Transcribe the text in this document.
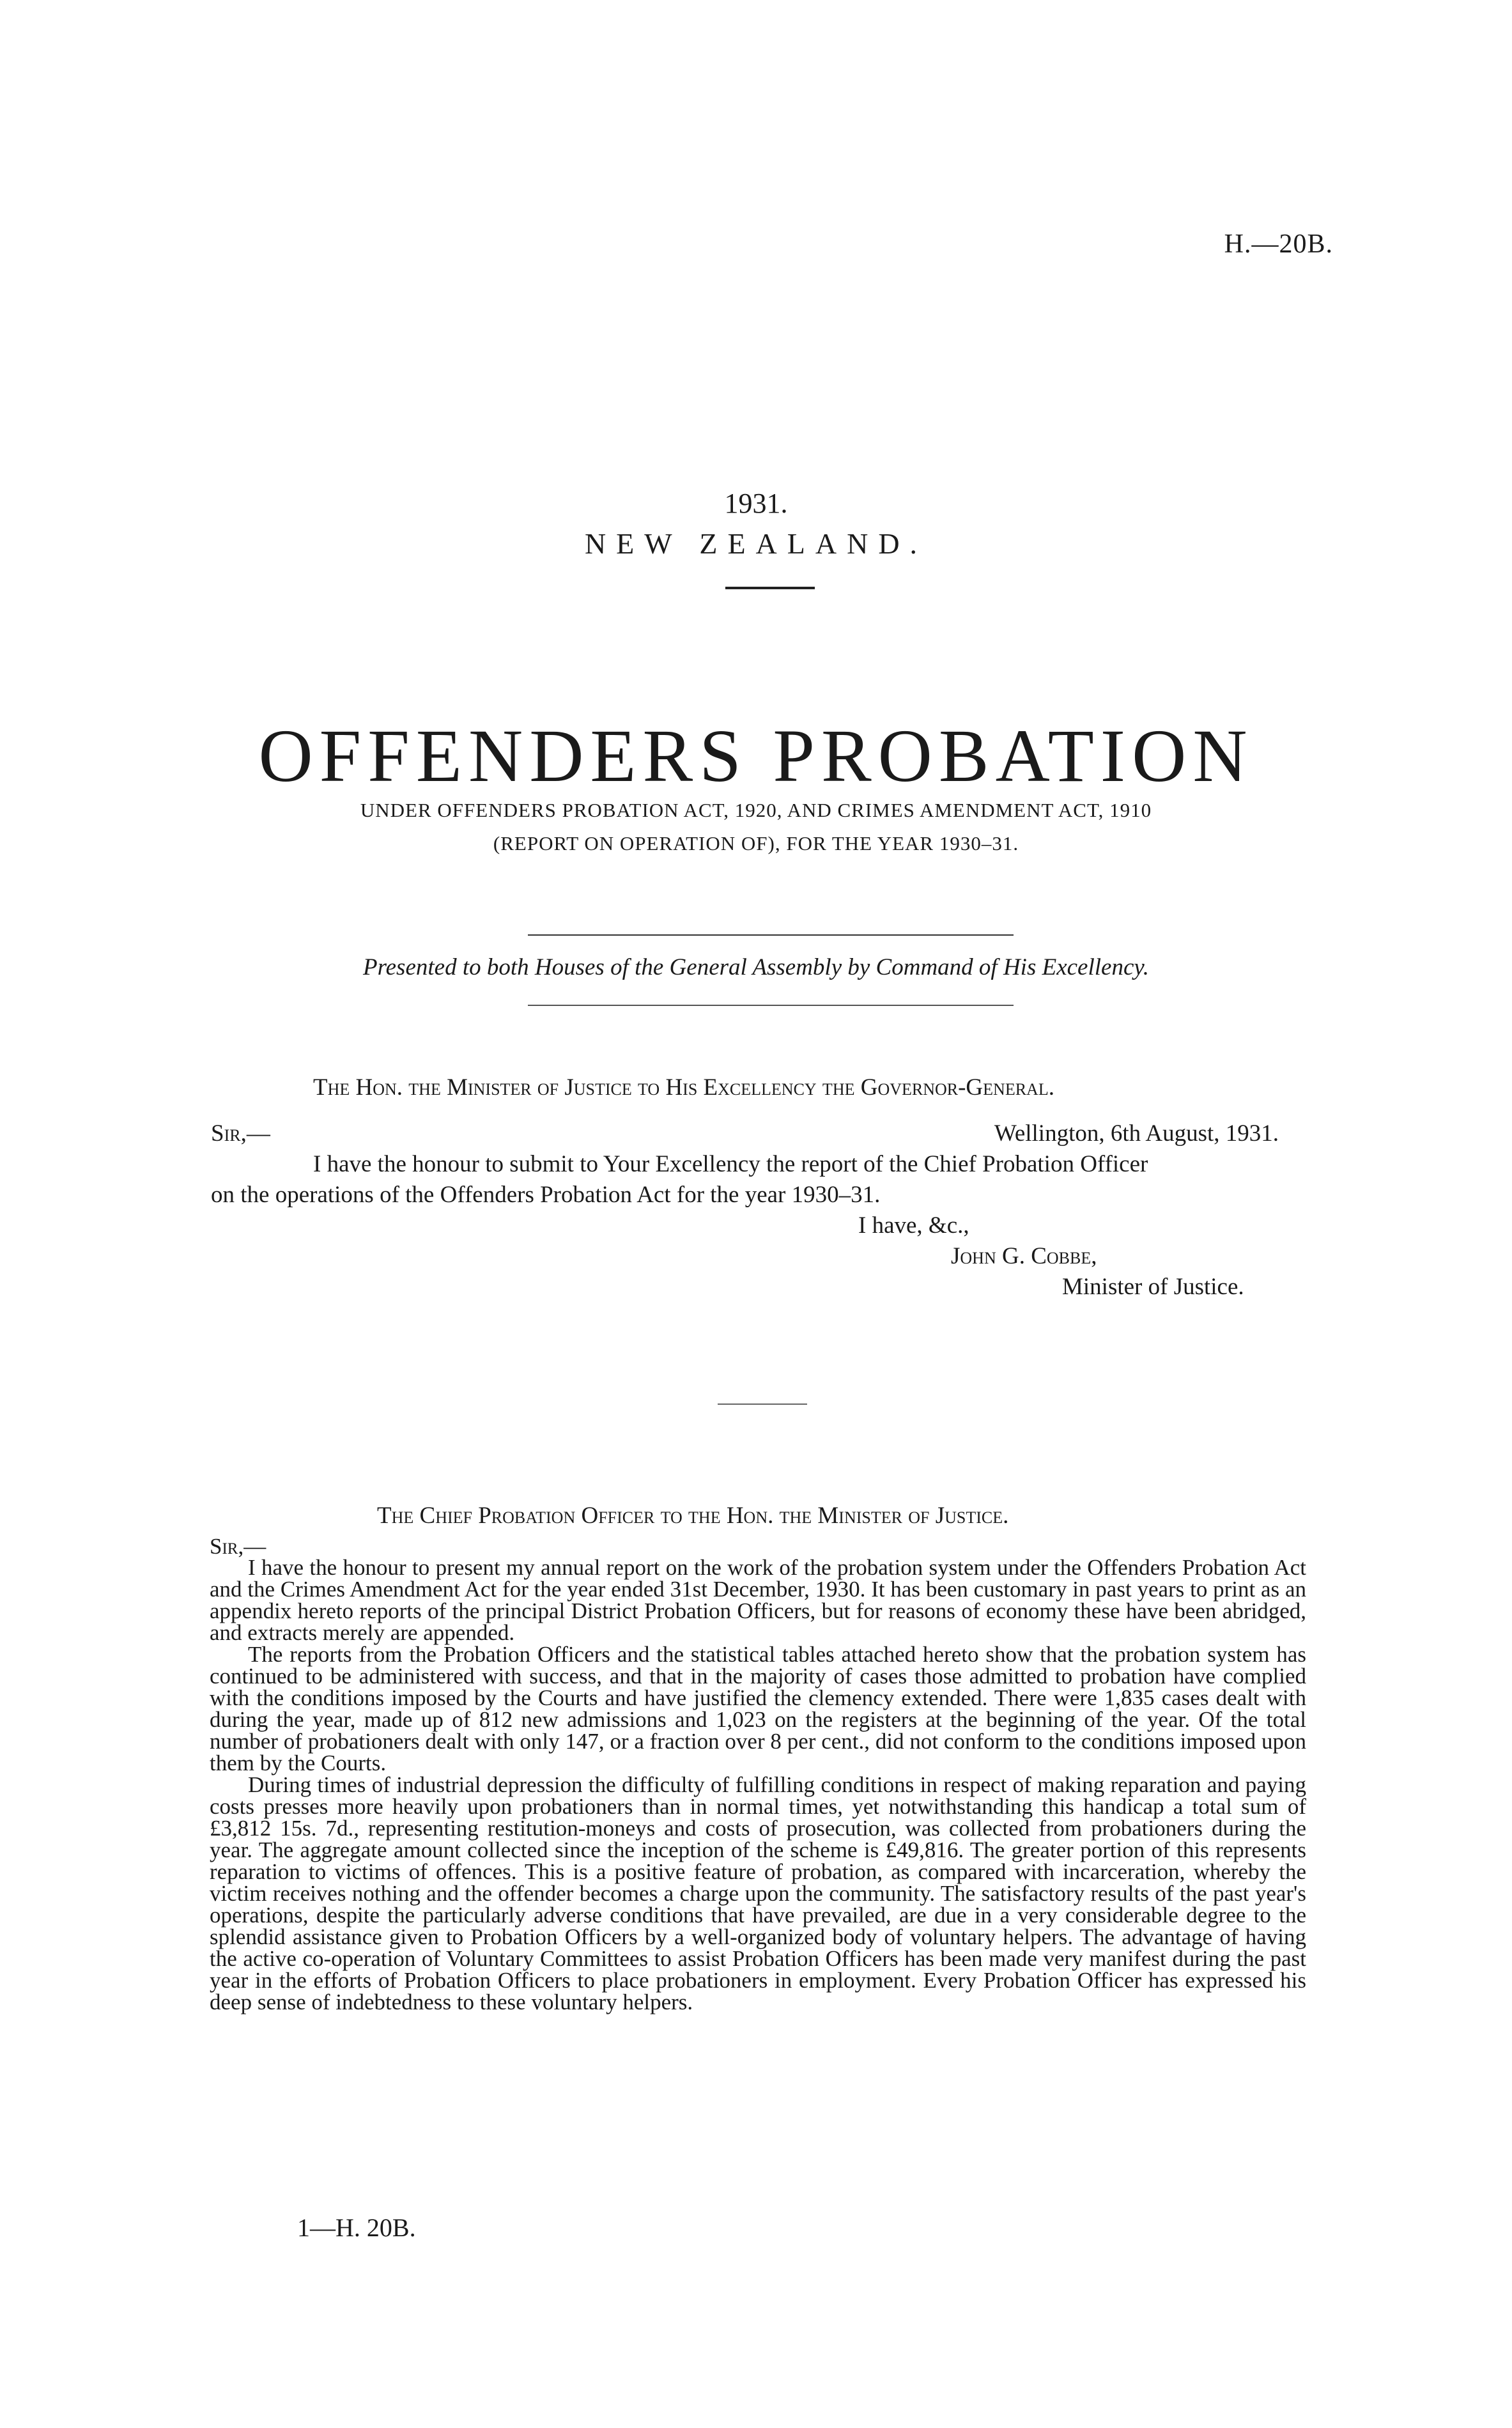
H.—20B.
1931.
NEW ZEALAND.
OFFENDERS PROBATION
UNDER OFFENDERS PROBATION ACT, 1920, AND CRIMES AMENDMENT ACT, 1910
(REPORT ON OPERATION OF), FOR THE YEAR 1930–31.
Presented to both Houses of the General Assembly by Command of His Excellency.
The Hon. the Minister of Justice to His Excellency the Governor-General.
Sir,—	Wellington, 6th August, 1931.
I have the honour to submit to Your Excellency the report of the Chief Probation Officer
on the operations of the Offenders Probation Act for the year 1930–31.
I have, &c.,
John G. Cobbe,
Minister of Justice.
The Chief Probation Officer to the Hon. the Minister of Justice.
Sir,—

I have the honour to present my annual report on the work of the probation system under the Offenders Probation Act and the Crimes Amendment Act for the year ended 31st December, 1930. It has been customary in past years to print as an appendix hereto reports of the principal District Probation Officers, but for reasons of economy these have been abridged, and extracts merely are appended.

The reports from the Probation Officers and the statistical tables attached hereto show that the probation system has continued to be administered with success, and that in the majority of cases those admitted to probation have complied with the conditions imposed by the Courts and have justified the clemency extended. There were 1,835 cases dealt with during the year, made up of 812 new admissions and 1,023 on the registers at the beginning of the year. Of the total number of probationers dealt with only 147, or a fraction over 8 per cent., did not conform to the conditions imposed upon them by the Courts.

During times of industrial depression the difficulty of fulfilling conditions in respect of making reparation and paying costs presses more heavily upon probationers than in normal times, yet notwithstanding this handicap a total sum of £3,812 15s. 7d., representing restitution-moneys and costs of prosecution, was collected from probationers during the year. The aggregate amount collected since the inception of the scheme is £49,816. The greater portion of this represents reparation to victims of offences. This is a positive feature of probation, as compared with incarceration, whereby the victim receives nothing and the offender becomes a charge upon the community. The satisfactory results of the past year's operations, despite the particularly adverse conditions that have prevailed, are due in a very considerable degree to the splendid assistance given to Probation Officers by a well-organized body of voluntary helpers. The advantage of having the active co-operation of Voluntary Committees to assist Probation Officers has been made very manifest during the past year in the efforts of Probation Officers to place probationers in employment. Every Probation Officer has expressed his deep sense of indebtedness to these voluntary helpers.

1—H. 20B.
